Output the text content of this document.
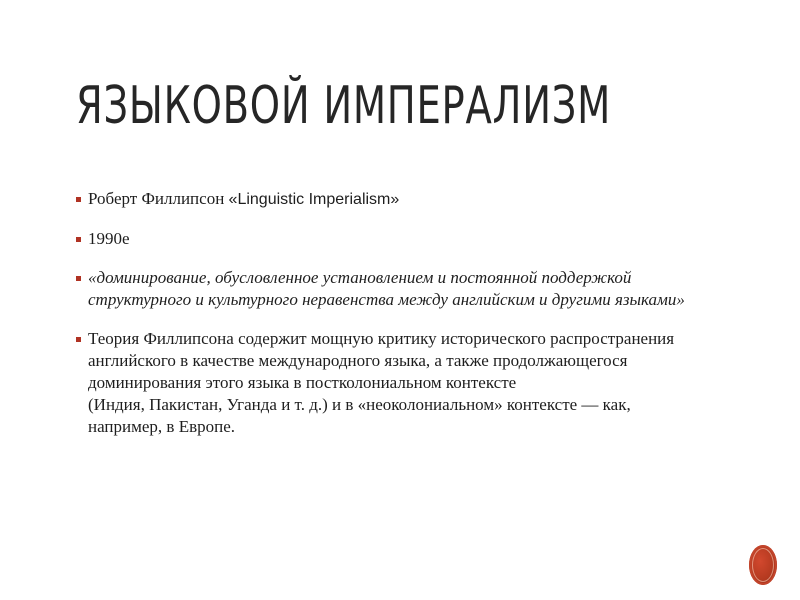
ЯЗЫКОВОЙ ИМПЕРАЛИЗМ
Роберт Филлипсон «Linguistic Imperialism»
1990е
«доминирование, обусловленное установлением и постоянной поддержкой
структурного и культурного неравенства между английским и другими языками»
Теория Филлипсона содержит мощную критику исторического распространения
английского в качестве международного языка, а также продолжающегося
доминирования этого языка в постколониальном контексте
(Индия, Пакистан, Уганда и т. д.) и в «неоколониальном» контексте — как,
например, в Европе.
